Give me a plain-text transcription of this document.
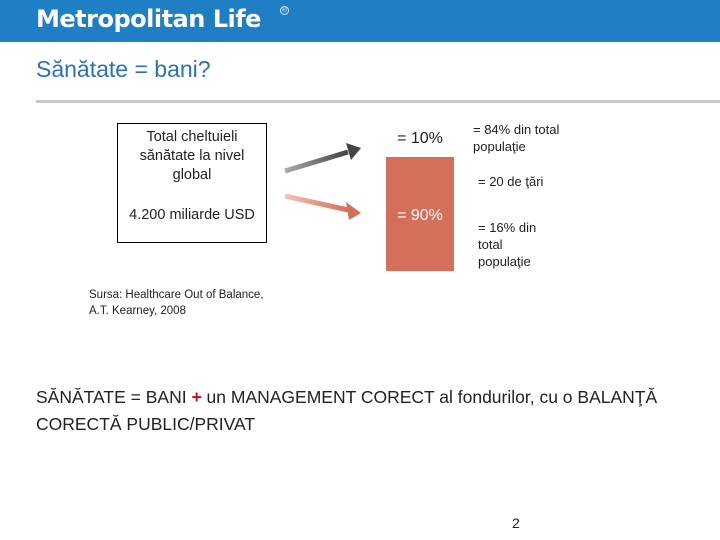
Metropolitan Life	®
Sănătate = bani?
Total cheltuieli sănătate la nivel global
4.200 miliarde USD
= 10%
= 90%
= 84% din total populaţie
= 20 de ţări
= 16% din total populaţie
Sursa: Healthcare Out of Balance,
A.T. Kearney, 2008
SĂNĂTATE = BANI + un MANAGEMENT CORECT al fondurilor, cu o BALANŢĂ CORECTĂ PUBLIC/PRIVAT
2
